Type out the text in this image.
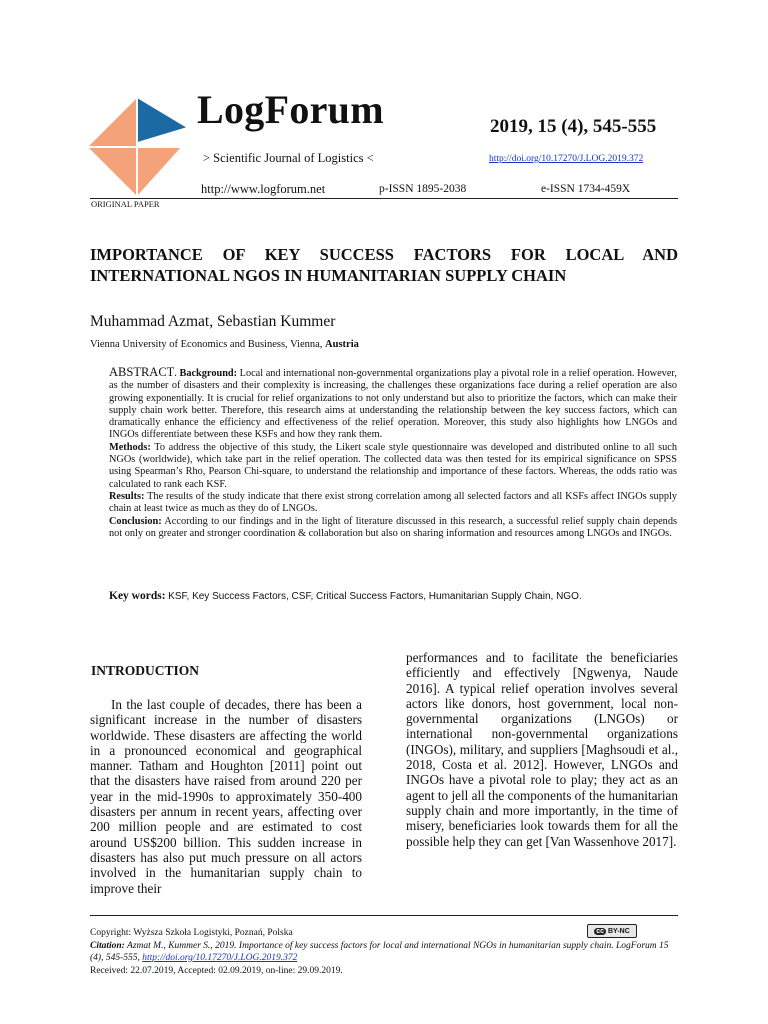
LogForum
> Scientific Journal of Logistics <
2019, 15 (4), 545-555
http://doi.org/10.17270/J.LOG.2019.372
http://www.logforum.net	p-ISSN 1895-2038	e-ISSN 1734-459X
ORIGINAL PAPER
IMPORTANCE OF KEY SUCCESS FACTORS FOR LOCAL AND
INTERNATIONAL NGOS IN HUMANITARIAN SUPPLY CHAIN
Muhammad Azmat, Sebastian Kummer
Vienna University of Economics and Business, Vienna, Austria

ABSTRACT. Background: Local and international non-governmental organizations play a pivotal role in a relief operation. However, as the number of disasters and their complexity is increasing, the challenges these organizations face during a relief operation are also growing exponentially. It is crucial for relief organizations to not only understand but also to prioritize the factors, which can make their supply chain work better. Therefore, this research aims at understanding the relationship between the key success factors, which can dramatically enhance the efficiency and effectiveness of the relief operation. Moreover, this study also highlights how LNGOs and INGOs differentiate between these KSFs and how they rank them.

Methods: To address the objective of this study, the Likert scale style questionnaire was developed and distributed online to all such NGOs (worldwide), which take part in the relief operation. The collected data was then tested for its empirical significance on SPSS using Spearman’s Rho, Pearson Chi-square, to understand the relationship and importance of these factors. Whereas, the odds ratio was calculated to rank each KSF.

Results: The results of the study indicate that there exist strong correlation among all selected factors and all KSFs affect INGOs supply chain at least twice as much as they do of LNGOs.

Conclusion: According to our findings and in the light of literature discussed in this research, a successful relief supply chain depends not only on greater and stronger coordination & collaboration but also on sharing information and resources among LNGOs and INGOs.

Key words: KSF, Key Success Factors, CSF, Critical Success Factors, Humanitarian Supply Chain, NGO.
INTRODUCTION

In the last couple of decades, there has been a significant increase in the number of disasters worldwide. These disasters are affecting the world in a pronounced economical and geographical manner. Tatham and Houghton [2011] point out that the disasters have raised from around 220 per year in the mid-1990s to approximately 350-400 disasters per annum in recent years, affecting over 200 million people and are estimated to cost around US$200 billion. This sudden increase in disasters has also put much pressure on all actors involved in the humanitarian supply chain to improve their

performances and to facilitate the beneficiaries efficiently and effectively [Ngwenya, Naude 2016]. A typical relief operation involves several actors like donors, host government, local non-governmental organizations (LNGOs) or international non-governmental organizations (INGOs), military, and suppliers [Maghsoudi et al., 2018, Costa et al. 2012]. However, LNGOs and INGOs have a pivotal role to play; they act as an agent to jell all the components of the humanitarian supply chain and more importantly, in the time of misery, beneficiaries look towards them for all the possible help they can get [Van Wassenhove 2017].

Copyright: Wyższa Szkoła Logistyki, Poznań, Polska	cc BY-NC
Citation: Azmat M., Kummer S., 2019. Importance of key success factors for local and international NGOs in humanitarian supply chain. LogForum 15 (4), 545-555, http://doi.org/10.17270/J.LOG.2019.372
Received: 22.07.2019, Accepted: 02.09.2019, on-line: 29.09.2019.
